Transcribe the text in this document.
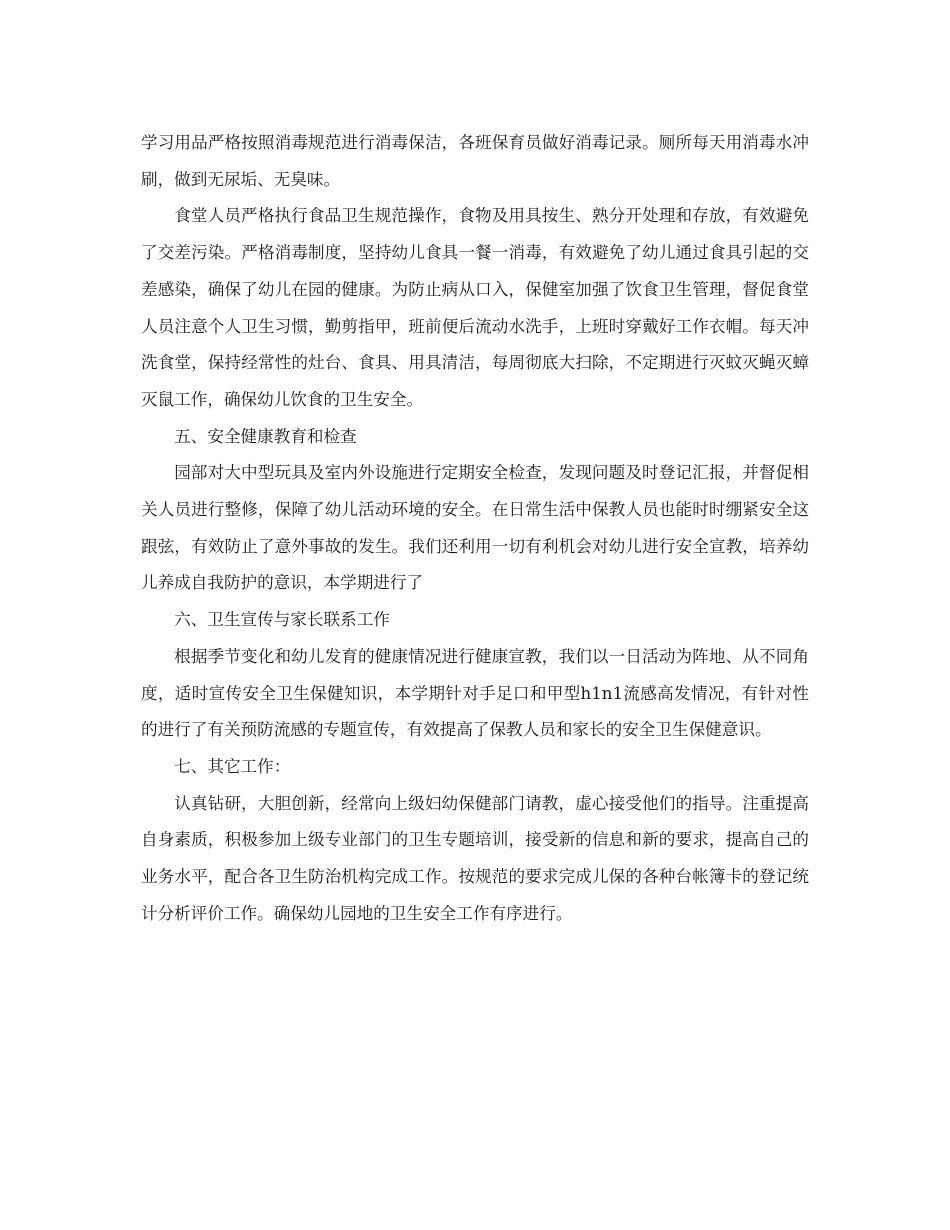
学习用品严格按照消毒规范进行消毒保洁，各班保育员做好消毒记录。厕所每天用消毒水冲刷，做到无尿垢、无臭味。

食堂人员严格执行食品卫生规范操作，食物及用具按生、熟分开处理和存放，有效避免了交差污染。严格消毒制度，坚持幼儿食具一餐一消毒，有效避免了幼儿通过食具引起的交差感染，确保了幼儿在园的健康。为防止病从口入，保健室加强了饮食卫生管理，督促食堂人员注意个人卫生习惯，勤剪指甲，班前便后流动水洗手，上班时穿戴好工作衣帽。每天冲洗食堂，保持经常性的灶台、食具、用具清洁，每周彻底大扫除，不定期进行灭蚊灭蝇灭蟑灭鼠工作，确保幼儿饮食的卫生安全。

五、安全健康教育和检查

园部对大中型玩具及室内外设施进行定期安全检查，发现问题及时登记汇报，并督促相关人员进行整修，保障了幼儿活动环境的安全。在日常生活中保教人员也能时时绷紧安全这跟弦，有效防止了意外事故的发生。我们还利用一切有利机会对幼儿进行安全宣教，培养幼儿养成自我防护的意识，本学期进行了

六、卫生宣传与家长联系工作

根据季节变化和幼儿发育的健康情况进行健康宣教，我们以一日活动为阵地、从不同角度，适时宣传安全卫生保健知识，本学期针对手足口和甲型h1n1流感高发情况，有针对性的进行了有关预防流感的专题宣传，有效提高了保教人员和家长的安全卫生保健意识。

七、其它工作：

认真钻研，大胆创新，经常向上级妇幼保健部门请教，虚心接受他们的指导。注重提高自身素质，积极参加上级专业部门的卫生专题培训，接受新的信息和新的要求，提高自己的业务水平，配合各卫生防治机构完成工作。按规范的要求完成儿保的各种台帐簿卡的登记统计分析评价工作。确保幼儿园地的卫生安全工作有序进行。
